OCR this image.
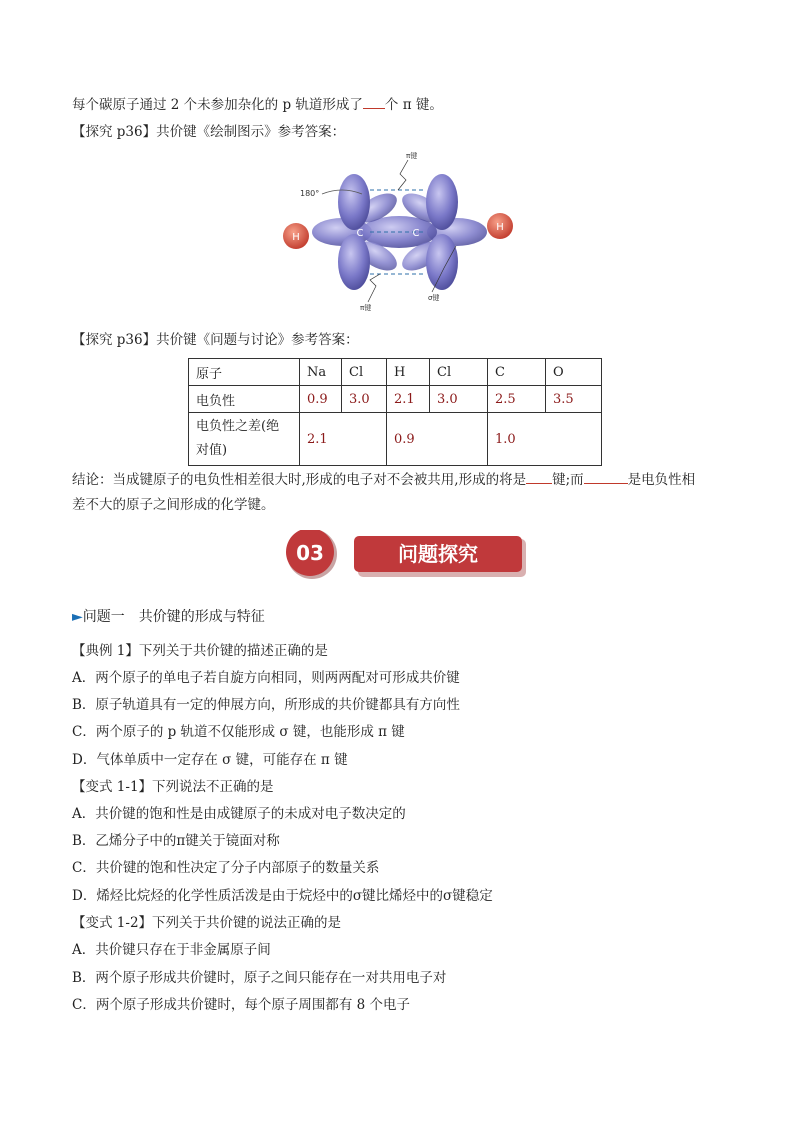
每个碳原子通过 2 个未参加杂化的 p 轨道形成了 个 π 键。
【探究 p36】共价键《绘制图示》参考答案：
H	C	C
H
180°
π键
π键
σ键
【探究 p36】共价键《问题与讨论》参考答案：
原子	Na	Cl	H	Cl	C	O
电负性	0.9	3.0	2.1	3.0	2.5	3.5

电负性之差(绝
对值)	2.1		0.9		1.0	
结论：当成键原子的电负性相差很大时,形成的电子对不会被共用,形成的将是 键;而	是电负性相
差不大的原子之间形成的化学键。
03	问题探究
►问题一　共价键的形成与特征
【典例 1】下列关于共价键的描述正确的是
A．两个原子的单电子若自旋方向相同，则两两配对可形成共价键
B．原子轨道具有一定的伸展方向，所形成的共价键都具有方向性
C．两个原子的 p 轨道不仅能形成 σ 键，也能形成 π 键
D．气体单质中一定存在 σ 键，可能存在 π 键
【变式 1-1】下列说法不正确的是
A．共价键的饱和性是由成键原子的未成对电子数决定的
B．乙烯分子中的π键关于镜面对称
C．共价键的饱和性决定了分子内部原子的数量关系
D．烯烃比烷烃的化学性质活泼是由于烷烃中的σ键比烯烃中的σ键稳定
【变式 1-2】下列关于共价键的说法正确的是
A．共价键只存在于非金属原子间
B．两个原子形成共价键时，原子之间只能存在一对共用电子对
C．两个原子形成共价键时，每个原子周围都有 8 个电子
